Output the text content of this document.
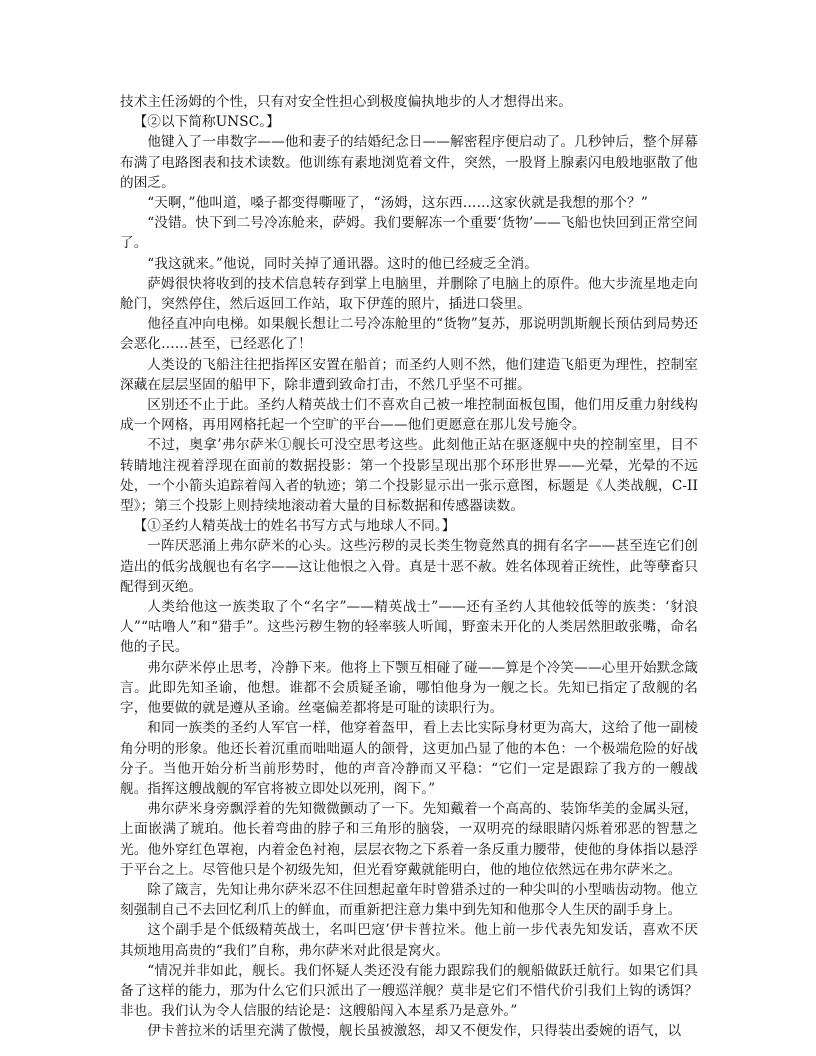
技术主任汤姆的个性，只有对安全性担心到极度偏执地步的人才想得出来。

【②以下简称UNSC。】

他键入了一串数字——他和妻子的结婚纪念日——解密程序便启动了。几秒钟后，整个屏幕布满了电路图表和技术读数。他训练有素地浏览着文件，突然，一股肾上腺素闪电般地驱散了他的困乏。

“天啊，”他叫道，嗓子都变得嘶哑了，“汤姆，这东西……这家伙就是我想的那个？”

“没错。快下到二号冷冻舱来，萨姆。我们要解冻一个重要‘货物’——飞船也快回到正常空间了。

“我这就来。”他说，同时关掉了通讯器。这时的他已经疲乏全消。

萨姆很快将收到的技术信息转存到掌上电脑里，并删除了电脑上的原件。他大步流星地走向舱门，突然停住，然后返回工作站，取下伊莲的照片，插进口袋里。

他径直冲向电梯。如果舰长想让二号冷冻舱里的“货物”复苏，那说明凯斯舰长预估到局势还会恶化……甚至，已经恶化了！

人类设的飞船注往把指挥区安置在船首；而圣约人则不然，他们建造飞船更为理性，控制室深藏在层层坚固的船甲下，除非遭到致命打击，不然几乎坚不可摧。

区别还不止于此。圣约人精英战士们不喜欢自己被一堆控制面板包围，他们用反重力射线构成一个网格，再用网格托起一个空旷的平台——他们更愿意在那儿发号施令。

不过，奥拿’弗尔萨米①舰长可没空思考这些。此刻他正站在驱逐舰中央的控制室里，目不转睛地注视着浮现在面前的数据投影：第一个投影呈现出那个环形世界——光晕，光晕的不远处，一个小箭头追踪着闯入者的轨迹；第二个投影显示出一张示意图，标题是《人类战舰，C-II型》；第三个投影上则持续地滚动着大量的目标数据和传感器读数。

【①圣约人精英战士的姓名书写方式与地球人不同。】

一阵厌恶涌上弗尔萨米的心头。这些污秽的灵长类生物竟然真的拥有名字——甚至连它们创造出的低劣战舰也有名字——这让他恨之入骨。真是十恶不赦。姓名体现着正统性，此等孽畜只配得到灭绝。

人类给他这一族类取了个“名字”——精英战士”——还有圣约人其他较低等的族类：‘豺浪人”“咕噜人”和“猎手”。这些污秽生物的轻率骇人听闻，野蛮未开化的人类居然胆敢张嘴，命名他的子民。

弗尔萨米停止思考，冷静下来。他将上下颚互相碰了碰——算是个冷笑——心里开始默念箴言。此即先知圣谕，他想。谁都不会质疑圣谕，哪怕他身为一舰之长。先知已指定了敌舰的名字，他要做的就是遵从圣谕。丝毫偏差都将是可耻的读职行为。

和同一族类的圣约人军官一样，他穿着盔甲，看上去比实际身材更为高大，这给了他一副棱角分明的形象。他还长着沉重而咄咄逼人的颌骨，这更加凸显了他的本色：一个极端危险的好战分子。当他开始分析当前形势时，他的声音冷静而又平稳：“它们一定是跟踪了我方的一艘战舰。指挥这艘战舰的军官将被立即处以死刑，阁下。”

弗尔萨米身旁飘浮着的先知微微颤动了一下。先知戴着一个高高的、装饰华美的金属头冠，上面嵌满了琥珀。他长着弯曲的脖子和三角形的脑袋，一双明亮的绿眼睛闪烁着邪恶的智慧之光。他外穿红色罩袍，内着金色衬袍，层层衣物之下系着一条反重力腰带，使他的身体指以悬浮于平台之上。尽管他只是个初级先知，但光看穿戴就能明白，他的地位依然远在弗尔萨米之。

除了箴言，先知让弗尔萨米忍不住回想起童年时曾猎杀过的一种尖叫的小型啮齿动物。他立刻强制自己不去回忆利爪上的鲜血，而重新把注意力集中到先知和他那令人生厌的副手身上。

这个副手是个低级精英战士，名叫巴寇’伊卡普拉米。他上前一步代表先知发话，喜欢不厌其烦地用高贵的“我们”自称，弗尔萨米对此很是窝火。

“情况并非如此，舰长。我们怀疑人类还没有能力跟踪我们的舰船做跃迁航行。如果它们具备了这样的能力，那为什么它们只派出了一艘巡洋舰？莫非是它们不惜代价引我们上钩的诱饵？非也。我们认为令人信服的结论是：这艘船闯入本星系乃是意外。”

伊卡普拉米的话里充满了傲慢，舰长虽被激怒，却又不便发作，只得装出委婉的语气，以
